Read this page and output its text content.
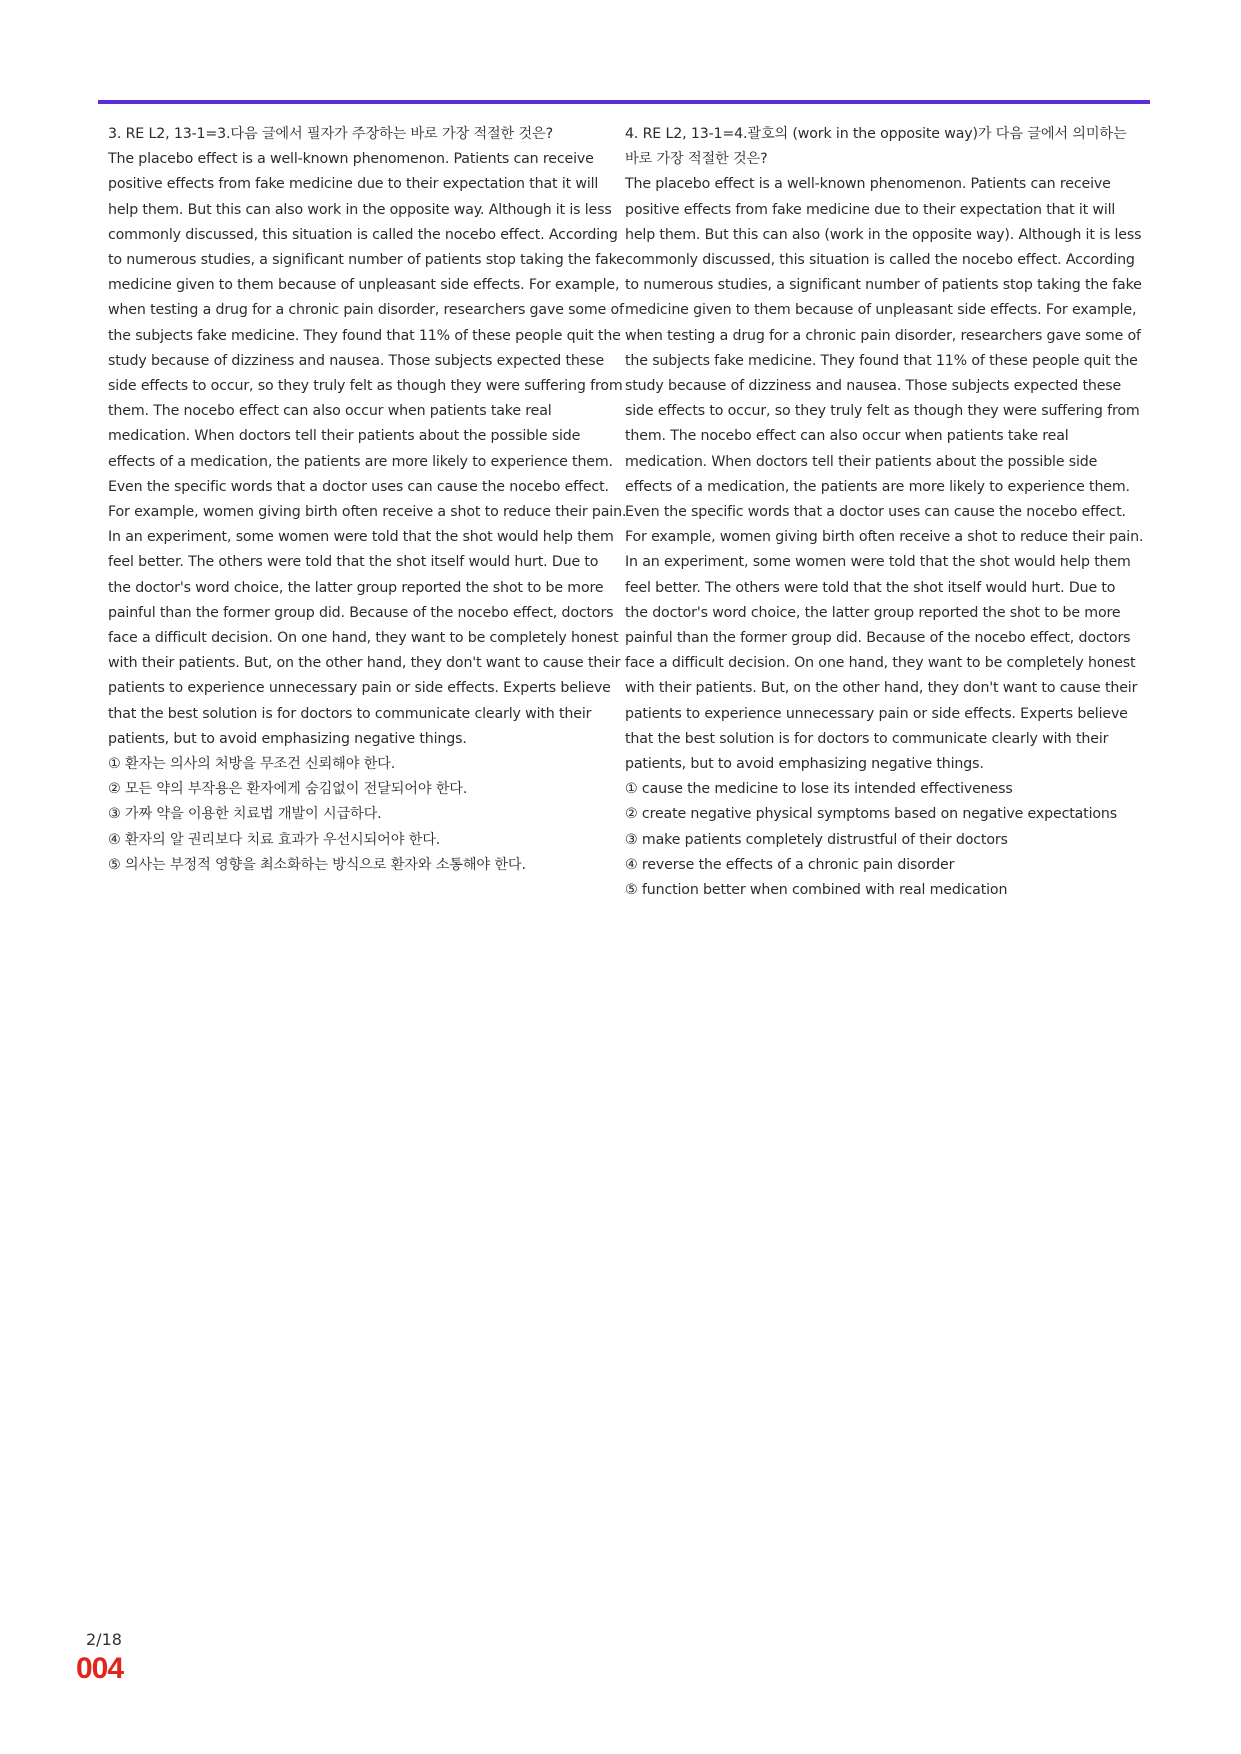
3. RE L2, 13-1=3.다음 글에서 필자가 주장하는 바로 가장 적절한 것은?
The placebo effect is a well-known phenomenon. Patients can receive
positive effects from fake medicine due to their expectation that it will
help them. But this can also work in the opposite way. Although it is less
commonly discussed, this situation is called the nocebo effect. According
to numerous studies, a significant number of patients stop taking the fake
medicine given to them because of unpleasant side effects. For example,
when testing a drug for a chronic pain disorder, researchers gave some of
the subjects fake medicine. They found that 11% of these people quit the
study because of dizziness and nausea. Those subjects expected these
side effects to occur, so they truly felt as though they were suffering from
them. The nocebo effect can also occur when patients take real
medication. When doctors tell their patients about the possible side
effects of a medication, the patients are more likely to experience them.
Even the specific words that a doctor uses can cause the nocebo effect.
For example, women giving birth often receive a shot to reduce their pain.
In an experiment, some women were told that the shot would help them
feel better. The others were told that the shot itself would hurt. Due to
the doctor's word choice, the latter group reported the shot to be more
painful than the former group did. Because of the nocebo effect, doctors
face a difficult decision. On one hand, they want to be completely honest
with their patients. But, on the other hand, they don't want to cause their
patients to experience unnecessary pain or side effects. Experts believe
that the best solution is for doctors to communicate clearly with their
patients, but to avoid emphasizing negative things.
① 환자는 의사의 처방을 무조건 신뢰해야 한다.
② 모든 약의 부작용은 환자에게 숨김없이 전달되어야 한다.
③ 가짜 약을 이용한 치료법 개발이 시급하다.
④ 환자의 알 권리보다 치료 효과가 우선시되어야 한다.
⑤ 의사는 부정적 영향을 최소화하는 방식으로 환자와 소통해야 한다.
4. RE L2, 13-1=4.괄호의 (work in the opposite way)가 다음 글에서 의미하는
바로 가장 적절한 것은?
The placebo effect is a well-known phenomenon. Patients can receive
positive effects from fake medicine due to their expectation that it will
help them. But this can also (work in the opposite way). Although it is less
commonly discussed, this situation is called the nocebo effect. According
to numerous studies, a significant number of patients stop taking the fake
medicine given to them because of unpleasant side effects. For example,
when testing a drug for a chronic pain disorder, researchers gave some of
the subjects fake medicine. They found that 11% of these people quit the
study because of dizziness and nausea. Those subjects expected these
side effects to occur, so they truly felt as though they were suffering from
them. The nocebo effect can also occur when patients take real
medication. When doctors tell their patients about the possible side
effects of a medication, the patients are more likely to experience them.
Even the specific words that a doctor uses can cause the nocebo effect.
For example, women giving birth often receive a shot to reduce their pain.
In an experiment, some women were told that the shot would help them
feel better. The others were told that the shot itself would hurt. Due to
the doctor's word choice, the latter group reported the shot to be more
painful than the former group did. Because of the nocebo effect, doctors
face a difficult decision. On one hand, they want to be completely honest
with their patients. But, on the other hand, they don't want to cause their
patients to experience unnecessary pain or side effects. Experts believe
that the best solution is for doctors to communicate clearly with their
patients, but to avoid emphasizing negative things.
① cause the medicine to lose its intended effectiveness
② create negative physical symptoms based on negative expectations
③ make patients completely distrustful of their doctors
④ reverse the effects of a chronic pain disorder
⑤ function better when combined with real medication
2/18
004
